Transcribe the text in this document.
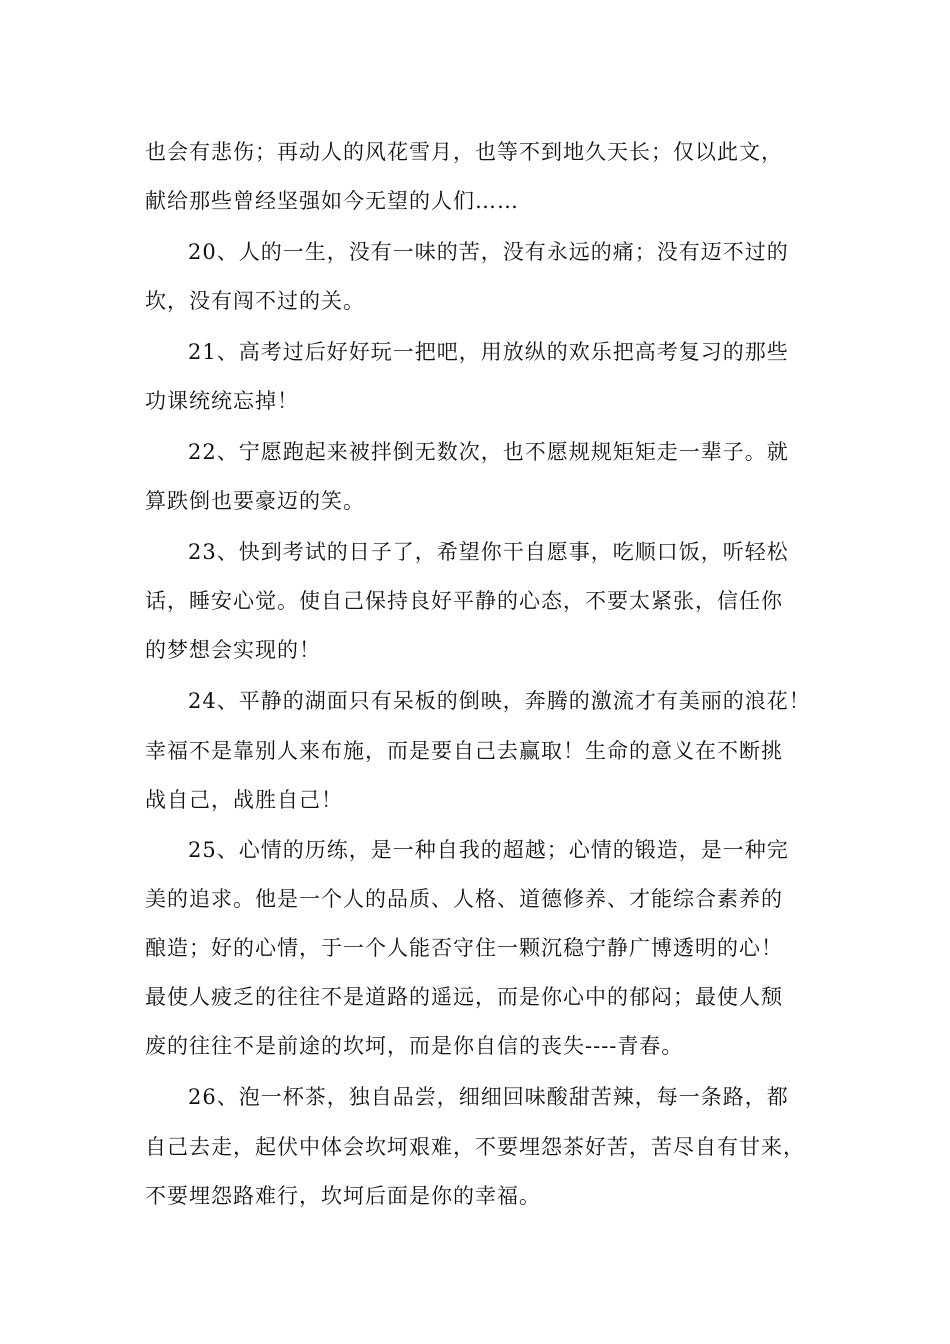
也会有悲伤；再动人的风花雪月，也等不到地久天长；仅以此文，
献给那些曾经坚强如今无望的人们……
20、人的一生，没有一味的苦，没有永远的痛；没有迈不过的
坎，没有闯不过的关。
21、高考过后好好玩一把吧，用放纵的欢乐把高考复习的那些
功课统统忘掉！
22、宁愿跑起来被拌倒无数次，也不愿规规矩矩走一辈子。就
算跌倒也要豪迈的笑。
23、快到考试的日子了，希望你干自愿事，吃顺口饭，听轻松
话，睡安心觉。使自己保持良好平静的心态，不要太紧张，信任你
的梦想会实现的！
24、平静的湖面只有呆板的倒映，奔腾的激流才有美丽的浪花！
幸福不是靠别人来布施，而是要自己去赢取！生命的意义在不断挑
战自己，战胜自己！
25、心情的历练，是一种自我的超越；心情的锻造，是一种完
美的追求。他是一个人的品质、人格、道德修养、才能综合素养的
酿造；好的心情，于一个人能否守住一颗沉稳宁静广博透明的心！
最使人疲乏的往往不是道路的遥远，而是你心中的郁闷；最使人颓
废的往往不是前途的坎坷，而是你自信的丧失----青春。
26、泡一杯茶，独自品尝，细细回味酸甜苦辣，每一条路，都
自己去走，起伏中体会坎坷艰难，不要埋怨茶好苦，苦尽自有甘来，
不要埋怨路难行，坎坷后面是你的幸福。
